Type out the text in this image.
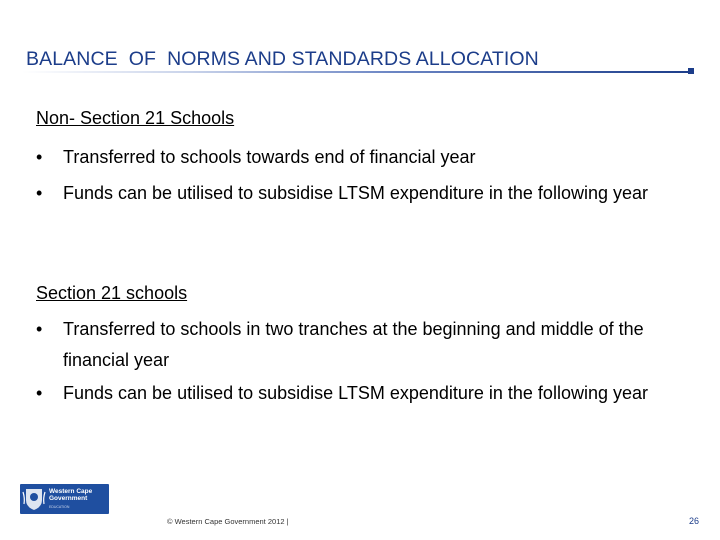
BALANCE  OF  NORMS AND STANDARDS ALLOCATION

Non- Section 21 Schools

•	Transferred to schools towards end of financial year
•	Funds can be utilised to subsidise LTSM expenditure in the following year

Section 21 schools

•	Transferred to schools in two tranches at the beginning and middle of the financial year
•	Funds can be utilised to subsidise LTSM expenditure in the following year
Western Cape
Government
EDUCATION
© Western Cape Government 2012 |	26
